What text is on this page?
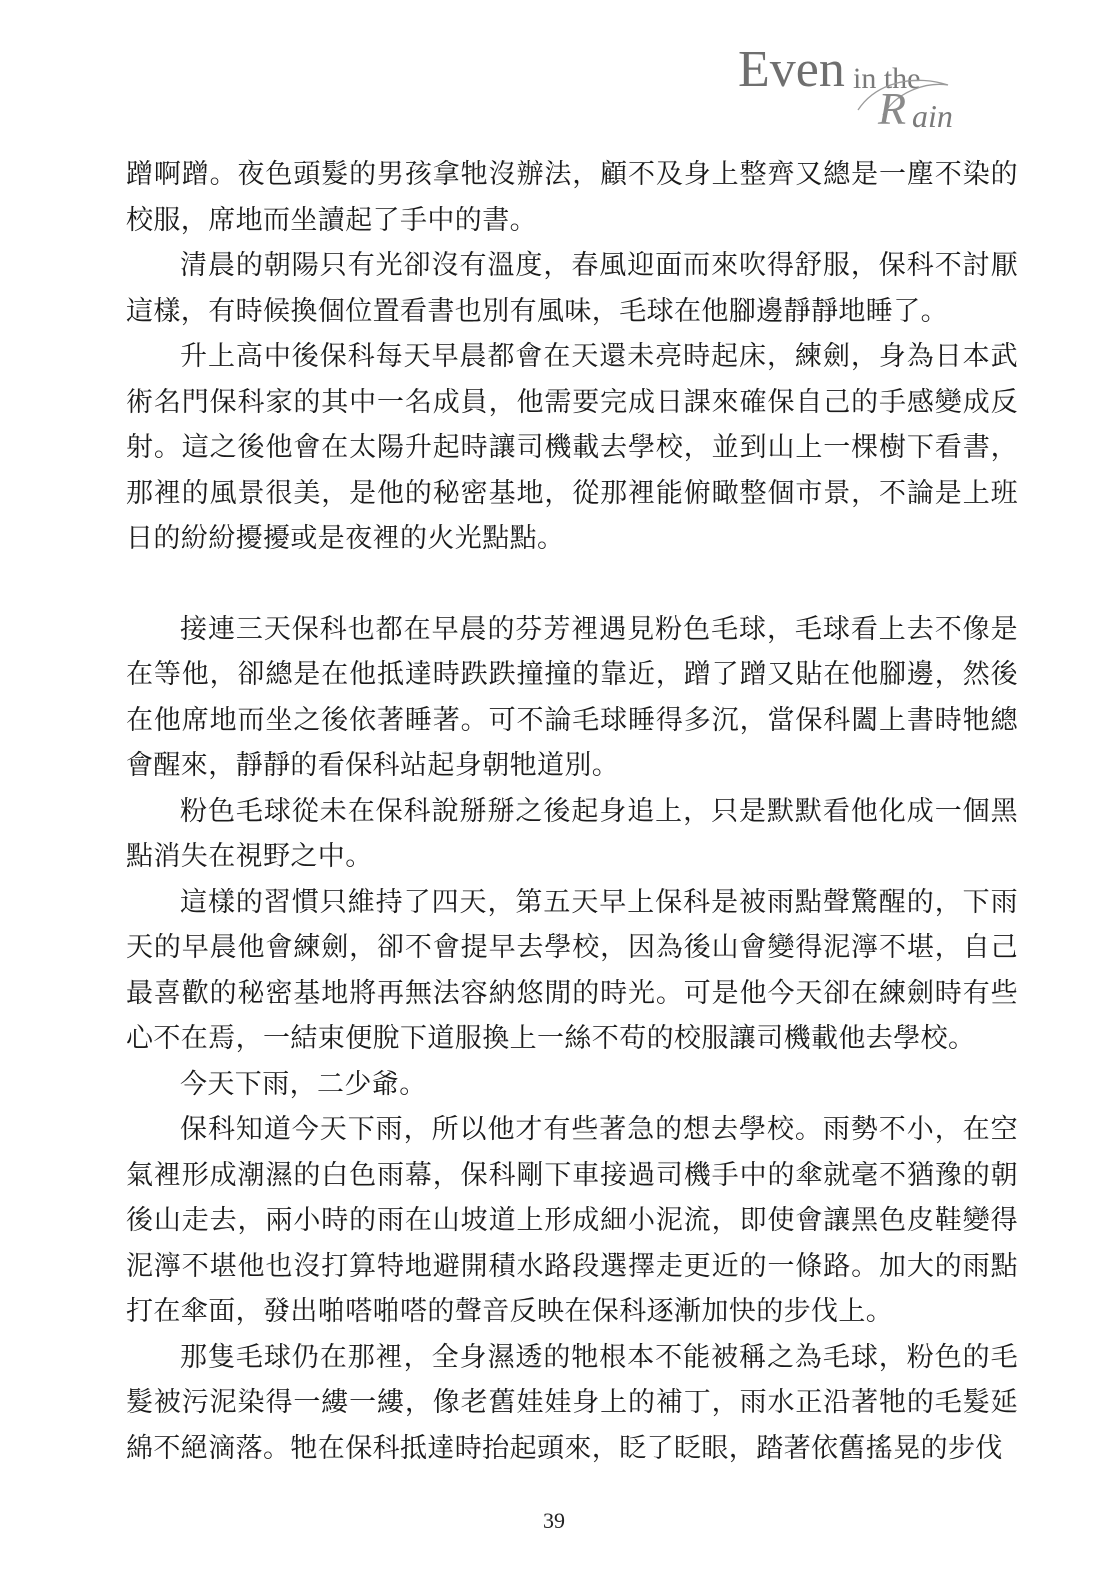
Even in the
R ain

蹭啊蹭。夜色頭髮的男孩拿牠沒辦法，顧不及身上整齊又總是一塵不染的校服，席地而坐讀起了手中的書。

清晨的朝陽只有光卻沒有溫度，春風迎面而來吹得舒服，保科不討厭這樣，有時候換個位置看書也別有風味，毛球在他腳邊靜靜地睡了。

升上高中後保科每天早晨都會在天還未亮時起床，練劍，身為日本武術名門保科家的其中一名成員，他需要完成日課來確保自己的手感變成反射。這之後他會在太陽升起時讓司機載去學校，並到山上一棵樹下看書，那裡的風景很美，是他的秘密基地，從那裡能俯瞰整個市景，不論是上班日的紛紛擾擾或是夜裡的火光點點。

接連三天保科也都在早晨的芬芳裡遇見粉色毛球，毛球看上去不像是在等他，卻總是在他抵達時跌跌撞撞的靠近，蹭了蹭又貼在他腳邊，然後在他席地而坐之後依著睡著。可不論毛球睡得多沉，當保科闔上書時牠總會醒來，靜靜的看保科站起身朝牠道別。

粉色毛球從未在保科說掰掰之後起身追上，只是默默看他化成一個黑點消失在視野之中。

這樣的習慣只維持了四天，第五天早上保科是被雨點聲驚醒的，下雨天的早晨他會練劍，卻不會提早去學校，因為後山會變得泥濘不堪，自己最喜歡的秘密基地將再無法容納悠閒的時光。可是他今天卻在練劍時有些心不在焉，一結束便脫下道服換上一絲不苟的校服讓司機載他去學校。

今天下雨，二少爺。

保科知道今天下雨，所以他才有些著急的想去學校。雨勢不小，在空氣裡形成潮濕的白色雨幕，保科剛下車接過司機手中的傘就毫不猶豫的朝後山走去，兩小時的雨在山坡道上形成細小泥流，即使會讓黑色皮鞋變得泥濘不堪他也沒打算特地避開積水路段選擇走更近的一條路。加大的雨點打在傘面，發出啪嗒啪嗒的聲音反映在保科逐漸加快的步伐上。

那隻毛球仍在那裡，全身濕透的牠根本不能被稱之為毛球，粉色的毛髮被污泥染得一縷一縷，像老舊娃娃身上的補丁，雨水正沿著牠的毛髮延綿不絕滴落。牠在保科抵達時抬起頭來，眨了眨眼，踏著依舊搖晃的步伐

39
